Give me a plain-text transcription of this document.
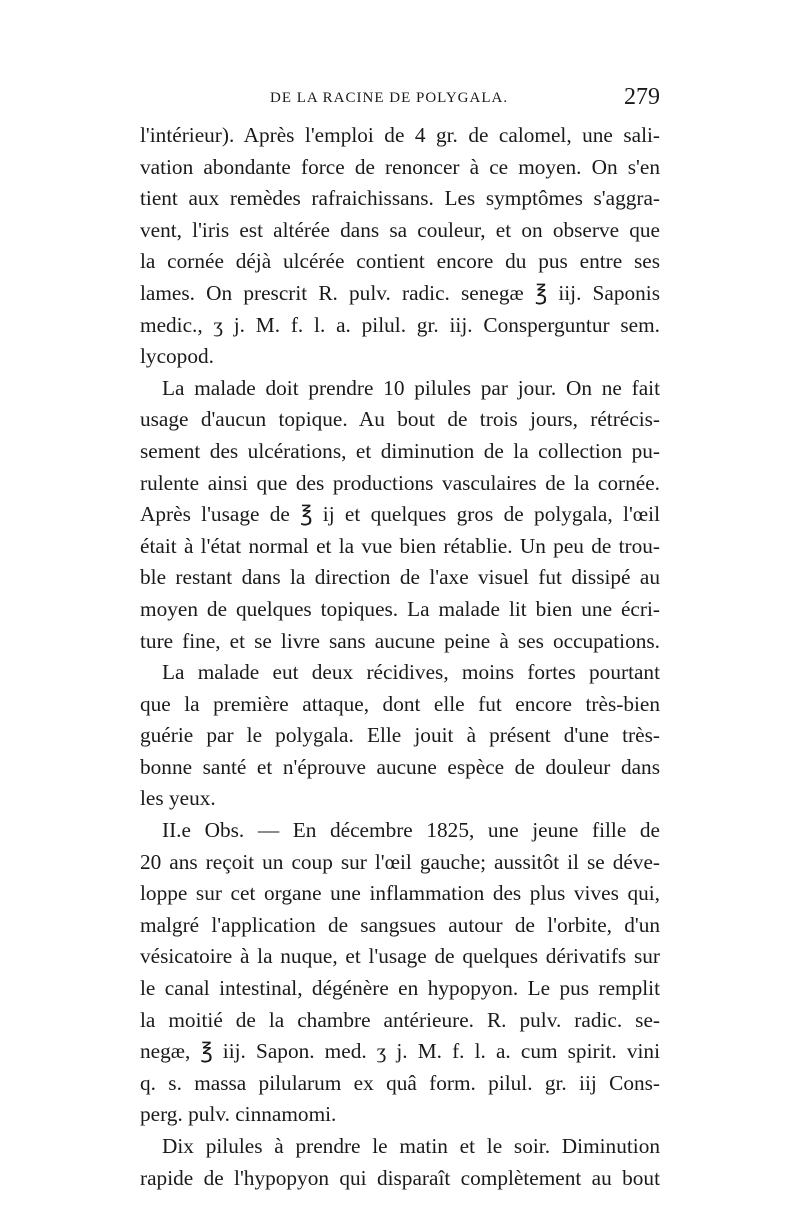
DE LA RACINE DE POLYGALA.	279
l'intérieur). Après l'emploi de 4 gr. de calomel, une sali-
vation abondante force de renoncer à ce moyen. On s'en
tient aux remèdes rafraichissans. Les symptômes s'aggra-
vent, l'iris est altérée dans sa couleur, et on observe que
la cornée déjà ulcérée contient encore du pus entre ses
lames. On prescrit R. pulv. radic. senegæ ℥ iij. Saponis
medic., ʒ j. M. f. l. a. pilul. gr. iij. Consperguntur sem.
lycopod.
La malade doit prendre 10 pilules par jour. On ne fait
usage d'aucun topique. Au bout de trois jours, rétrécis-
sement des ulcérations, et diminution de la collection pu-
rulente ainsi que des productions vasculaires de la cornée.
Après l'usage de ℥ ij et quelques gros de polygala, l'œil
était à l'état normal et la vue bien rétablie. Un peu de trou-
ble restant dans la direction de l'axe visuel fut dissipé au
moyen de quelques topiques. La malade lit bien une écri-
ture fine, et se livre sans aucune peine à ses occupations.
La malade eut deux récidives, moins fortes pourtant
que la première attaque, dont elle fut encore très-bien
guérie par le polygala. Elle jouit à présent d'une très-
bonne santé et n'éprouve aucune espèce de douleur dans
les yeux.
II.e Obs. — En décembre 1825, une jeune fille de
20 ans reçoit un coup sur l'œil gauche; aussitôt il se déve-
loppe sur cet organe une inflammation des plus vives qui,
malgré l'application de sangsues autour de l'orbite, d'un
vésicatoire à la nuque, et l'usage de quelques dérivatifs sur
le canal intestinal, dégénère en hypopyon. Le pus remplit
la moitié de la chambre antérieure. R. pulv. radic. se-
negæ, ℥ iij. Sapon. med. ʒ j. M. f. l. a. cum spirit. vini
q. s. massa pilularum ex quâ form. pilul. gr. iij Cons-
perg. pulv. cinnamomi.
Dix pilules à prendre le matin et le soir. Diminution
rapide de l'hypopyon qui disparaît complètement au bout
